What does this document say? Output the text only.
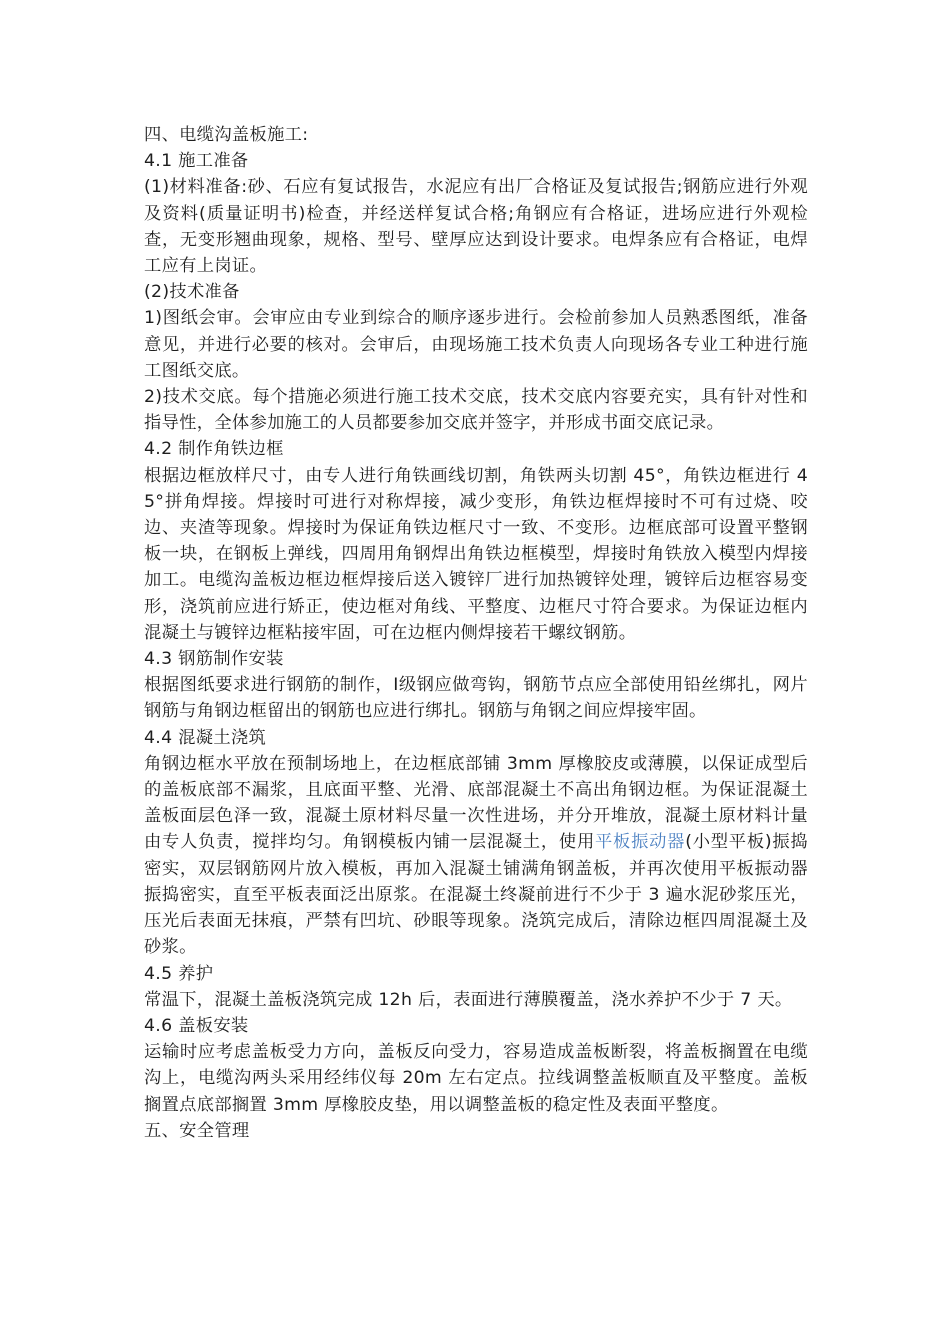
四、电缆沟盖板施工:

4.1 施工准备

(1)材料准备:砂、石应有复试报告，水泥应有出厂合格证及复试报告;钢筋应进行外观及资料(质量证明书)检查，并经送样复试合格;角钢应有合格证，进场应进行外观检查，无变形翘曲现象，规格、型号、壁厚应达到设计要求。电焊条应有合格证，电焊工应有上岗证。

(2)技术准备

1)图纸会审。会审应由专业到综合的顺序逐步进行。会检前参加人员熟悉图纸，准备意见，并进行必要的核对。会审后，由现场施工技术负责人向现场各专业工种进行施工图纸交底。

2)技术交底。每个措施必须进行施工技术交底，技术交底内容要充实，具有针对性和指导性，全体参加施工的人员都要参加交底并签字，并形成书面交底记录。

4.2 制作角铁边框

根据边框放样尺寸，由专人进行角铁画线切割，角铁两头切割 45°，角铁边框进行 45°拼角焊接。焊接时可进行对称焊接，减少变形，角铁边框焊接时不可有过烧、咬边、夹渣等现象。焊接时为保证角铁边框尺寸一致、不变形。边框底部可设置平整钢板一块，在钢板上弹线，四周用角钢焊出角铁边框模型，焊接时角铁放入模型内焊接加工。电缆沟盖板边框边框焊接后送入镀锌厂进行加热镀锌处理，镀锌后边框容易变形，浇筑前应进行矫正，使边框对角线、平整度、边框尺寸符合要求。为保证边框内混凝土与镀锌边框粘接牢固，可在边框内侧焊接若干螺纹钢筋。

4.3 钢筋制作安装

根据图纸要求进行钢筋的制作，Ⅰ级钢应做弯钩，钢筋节点应全部使用铅丝绑扎，网片钢筋与角钢边框留出的钢筋也应进行绑扎。钢筋与角钢之间应焊接牢固。

4.4 混凝土浇筑

角钢边框水平放在预制场地上，在边框底部铺 3mm 厚橡胶皮或薄膜，以保证成型后的盖板底部不漏浆，且底面平整、光滑、底部混凝土不高出角钢边框。为保证混凝土盖板面层色泽一致，混凝土原材料尽量一次性进场，并分开堆放，混凝土原材料计量由专人负责，搅拌均匀。角钢模板内铺一层混凝土，使用平板振动器(小型平板)振捣密实，双层钢筋网片放入模板，再加入混凝土铺满角钢盖板，并再次使用平板振动器振捣密实，直至平板表面泛出原浆。在混凝土终凝前进行不少于 3 遍水泥砂浆压光，压光后表面无抹痕，严禁有凹坑、砂眼等现象。浇筑完成后，清除边框四周混凝土及砂浆。

4.5 养护

常温下，混凝土盖板浇筑完成 12h 后，表面进行薄膜覆盖，浇水养护不少于 7 天。

4.6 盖板安装

运输时应考虑盖板受力方向，盖板反向受力，容易造成盖板断裂，将盖板搁置在电缆沟上，电缆沟两头采用经纬仪每 20m 左右定点。拉线调整盖板顺直及平整度。盖板搁置点底部搁置 3mm 厚橡胶皮垫，用以调整盖板的稳定性及表面平整度。

五、安全管理
